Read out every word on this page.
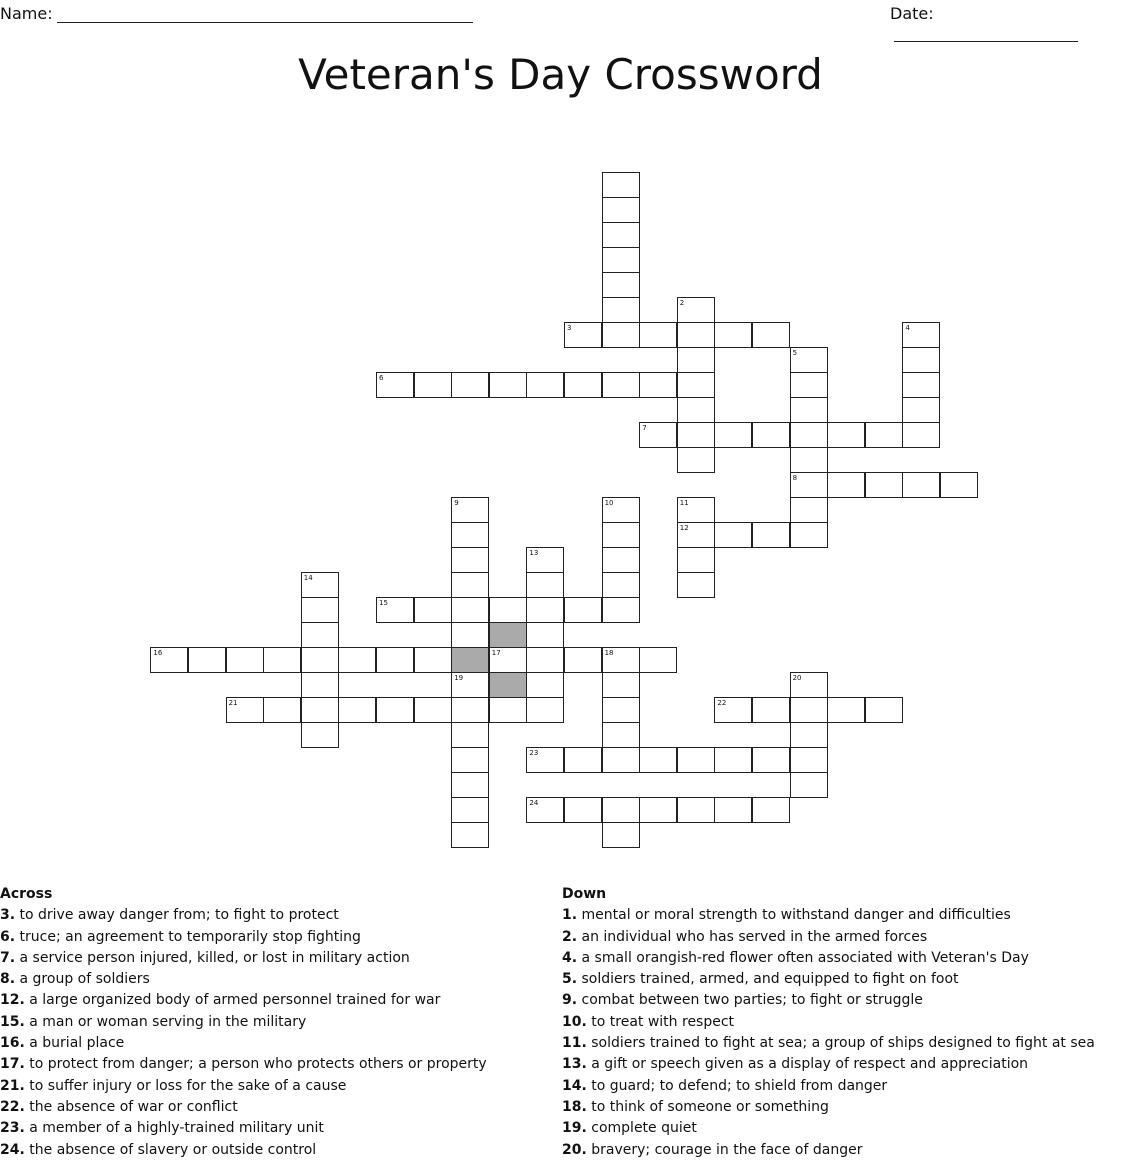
Name:	Date:
Veteran's Day Crossword
2
3	4
5
6
7
8
9	10	11
12
13
14
15
16	17	18
19	20
21	22
23
24
Across
3. to drive away danger from; to fight to protect
6. truce; an agreement to temporarily stop fighting
7. a service person injured, killed, or lost in military action
8. a group of soldiers
12. a large organized body of armed personnel trained for war
15. a man or woman serving in the military
16. a burial place
17. to protect from danger; a person who protects others or property
21. to suffer injury or loss for the sake of a cause
22. the absence of war or conflict
23. a member of a highly-trained military unit
24. the absence of slavery or outside control
Down
1. mental or moral strength to withstand danger and difficulties
2. an individual who has served in the armed forces
4. a small orangish-red flower often associated with Veteran's Day
5. soldiers trained, armed, and equipped to fight on foot
9. combat between two parties; to fight or struggle
10. to treat with respect
11. soldiers trained to fight at sea; a group of ships designed to fight at sea
13. a gift or speech given as a display of respect and appreciation
14. to guard; to defend; to shield from danger
18. to think of someone or something
19. complete quiet
20. bravery; courage in the face of danger
